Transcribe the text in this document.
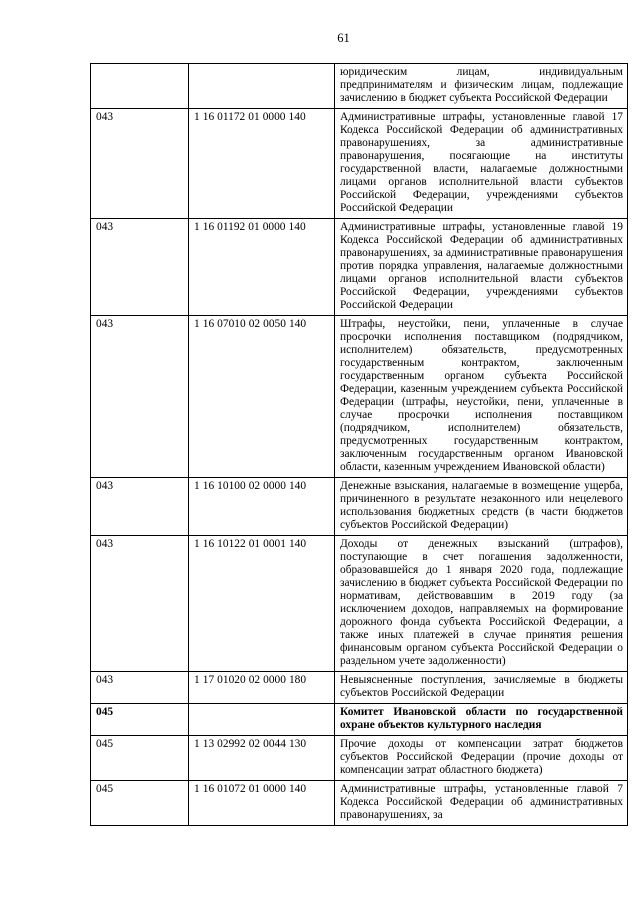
61
		юридическим лицам, индивидуальным предпринимателям и физическим лицам, подлежащие зачислению в бюджет субъекта Российской Федерации
043	1 16 01172 01 0000 140	Административные штрафы, установленные главой 17 Кодекса Российской Федерации об административных правонарушениях, за административные правонарушения, посягающие на институты государственной власти, налагаемые должностными лицами органов исполнительной власти субъектов Российской Федерации, учреждениями субъектов Российской Федерации
043	1 16 01192 01 0000 140	Административные штрафы, установленные главой 19 Кодекса Российской Федерации об административных правонарушениях, за административные правонарушения против порядка управления, налагаемые должностными лицами органов исполнительной власти субъектов Российской Федерации, учреждениями субъектов Российской Федерации
043	1 16 07010 02 0050 140	Штрафы, неустойки, пени, уплаченные в случае просрочки исполнения поставщиком (подрядчиком, исполнителем) обязательств, предусмотренных государственным контрактом, заключенным государственным органом субъекта Российской Федерации, казенным учреждением субъекта Российской Федерации (штрафы, неустойки, пени, уплаченные в случае просрочки исполнения поставщиком (подрядчиком, исполнителем) обязательств, предусмотренных государственным контрактом, заключенным государственным органом Ивановской области, казенным учреждением Ивановской области)
043	1 16 10100 02 0000 140	Денежные взыскания, налагаемые в возмещение ущерба, причиненного в результате незаконного или нецелевого использования бюджетных средств (в части бюджетов субъектов Российской Федерации)
043	1 16 10122 01 0001 140	Доходы от денежных взысканий (штрафов), поступающие в счет погашения задолженности, образовавшейся до 1 января 2020 года, подлежащие зачислению в бюджет субъекта Российской Федерации по нормативам, действовавшим в 2019 году (за исключением доходов, направляемых на формирование дорожного фонда субъекта Российской Федерации, а также иных платежей в случае принятия решения финансовым органом субъекта Российской Федерации о раздельном учете задолженности)
043	1 17 01020 02 0000 180	Невыясненные поступления, зачисляемые в бюджеты субъектов Российской Федерации
045		Комитет Ивановской области по государственной охране объектов культурного наследия
045	1 13 02992 02 0044 130	Прочие доходы от компенсации затрат бюджетов субъектов Российской Федерации (прочие доходы от компенсации затрат областного бюджета)
045	1 16 01072 01 0000 140	Административные штрафы, установленные главой 7 Кодекса Российской Федерации об административных правонарушениях, за
